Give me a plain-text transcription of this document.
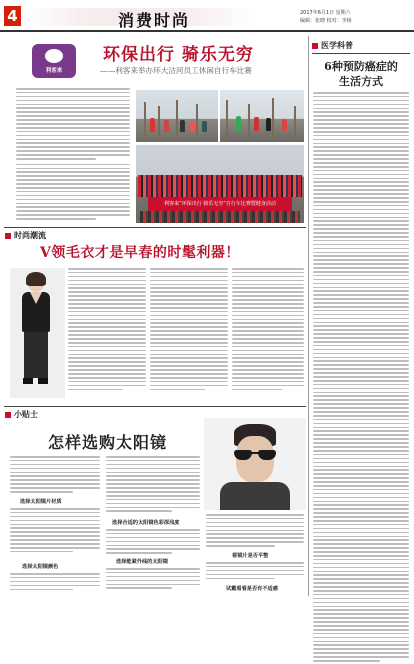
4	消费时尚	2017年6月1日 星期六
编辑：张晓 校对：李杨
利客来
环保出行 骑乐无穷
——利客来举办环大沽河员工休闲自行车比赛
利客来“环保出行 骑乐无穷”自行车比赛暨健身活动
医学科普
6种预防癌症的
生活方式
时尚潮流
V领毛衣才是早春的时髦利器！
小贴士
怎样选购太阳镜
选择太阳镜片材质
选择太阳镜颜色
选择合适的太阳镜色彩深浅度
选择能紧外线的太阳镜
看镜片是否平整
试戴看看是否有不适感
